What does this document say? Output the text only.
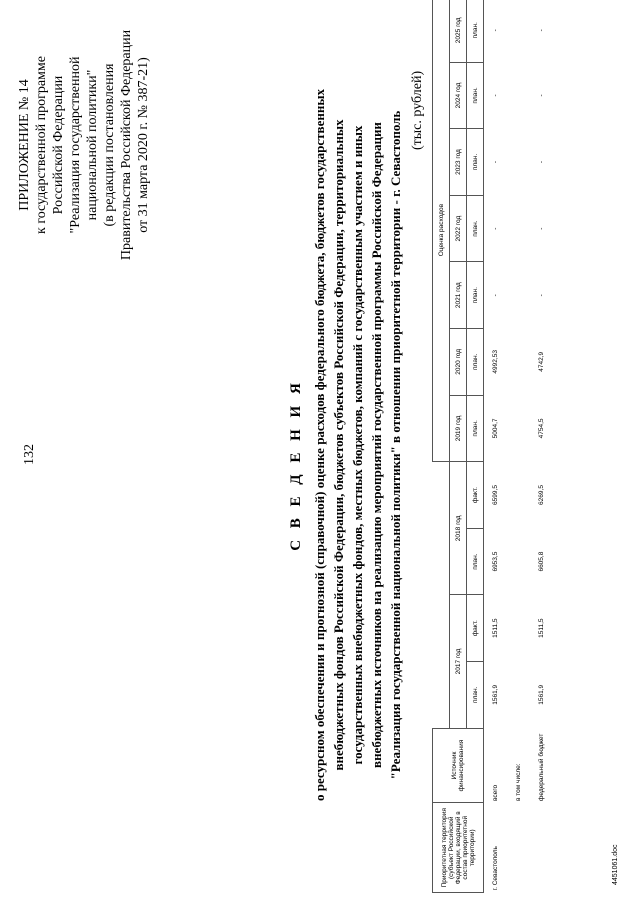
132
ПРИЛОЖЕНИЕ № 14 к государственной программе Российской Федерации "Реализация государственной национальной политики" (в редакции постановления Правительства Российской Федерации от 31 марта 2020 г. № 387-21)
С В Е Д Е Н И Я о ресурсном обеспечении и прогнозной (справочной) оценке расходов федерального бюджета, бюджетов государственных внебюджетных фондов Российской Федерации, бюджетов субъектов Российской Федерации, территориальных государственных внебюджетных фондов, местных бюджетов, компаний с государственным участием и иных внебюджетных источников на реализацию мероприятий государственной программы Российской Федерации "Реализация государственной национальной политики" в отношении приоритетной территории - г. Севастополь
(тыс. рублей)
Приоритетная территория (субъект Российской Федерации, входящий в состав приоритетной территории)	Источник финансирования					Оценка расходов						
		2017 год		2018 год		2019 год	2020 год	2021 год	2022 год	2023 год	2024 год	2025 год
		план.	факт.	план.	факт.	план.	план.	план.	план.	план.	план.	план.
г. Севастополь	всего	1561,9	1511,5	6953,5	6599,5	5004,7	4992,53	-	-	-	-	-
	в том числе:											
	федеральный бюджет	1561,9	1511,5	6605,8	6269,5	4754,5	4742,9	-	-	-	-	-
4451061.doc
